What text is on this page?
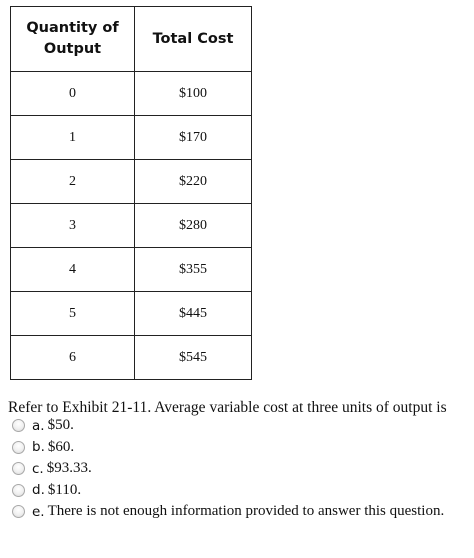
Quantity of Output	Total Cost
0	$100
1	$170
2	$220
3	$280
4	$355
5	$445
6	$545
Refer to Exhibit 21-11. Average variable cost at three units of output is
a. $50.
b. $60.
c. $93.33.
d. $110.
e. There is not enough information provided to answer this question.
